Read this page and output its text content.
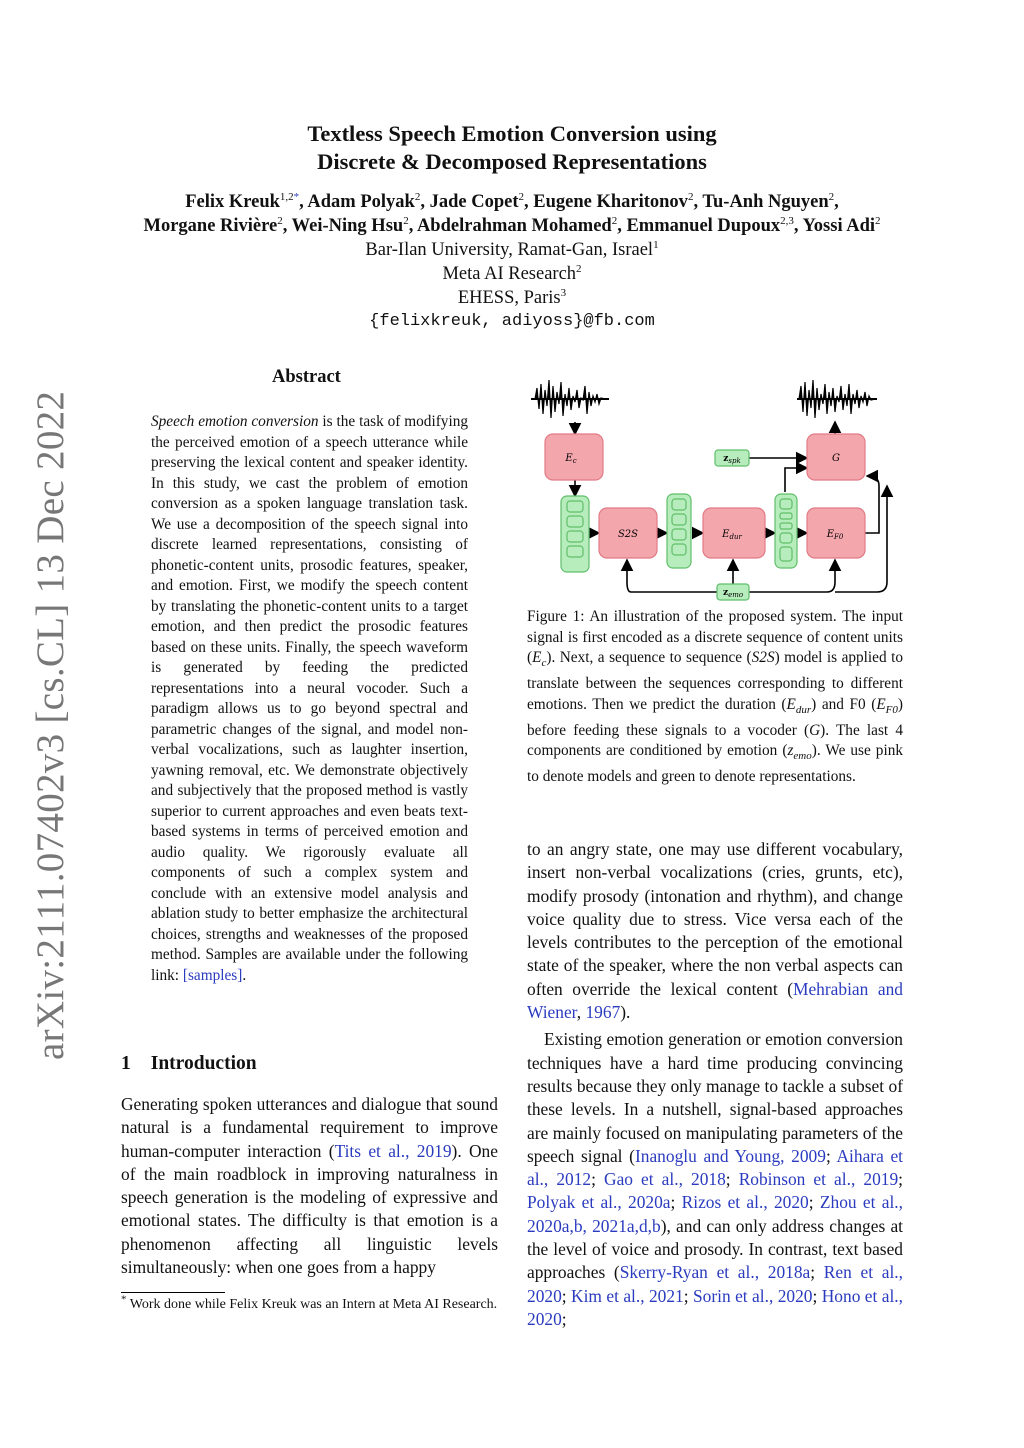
arXiv:2111.07402v3 [cs.CL] 13 Dec 2022
Textless Speech Emotion Conversion using
Discrete & Decomposed Representations
Felix Kreuk$^{1,2*}$, Adam Polyak$^2$, Jade Copet$^2$, Eugene Kharitonov$^2$, Tu-Anh Nguyen$^2$,
Morgane Rivière$^2$, Wei-Ning Hsu$^2$, Abdelrahman Mohamed$^2$, Emmanuel Dupoux$^{2,3}$, Yossi Adi$^2$
Bar-Ilan University, Ramat-Gan, Israel$^1$
Meta AI Research$^2$
EHESS, Paris$^3$
{felixkreuk, adiyoss}@fb.com
Abstract
Speech emotion conversion is the task of modifying the perceived emotion of a speech utterance while preserving the lexical content and speaker identity. In this study, we cast the problem of emotion conversion as a spoken language translation task. We use a decomposition of the speech signal into discrete learned representations, consisting of phonetic-content units, prosodic features, speaker, and emotion. First, we modify the speech content by translating the phonetic-content units to a target emotion, and then predict the prosodic features based on these units. Finally, the speech waveform is generated by feeding the predicted representations into a neural vocoder. Such a paradigm allows us to go beyond spectral and parametric changes of the signal, and model non-verbal vocalizations, such as laughter insertion, yawning removal, etc. We demonstrate objectively and subjectively that the proposed method is vastly superior to current approaches and even beats text-based systems in terms of perceived emotion and audio quality. We rigorously evaluate all components of such a complex system and conclude with an extensive model analysis and ablation study to better emphasize the architectural choices, strengths and weaknesses of the proposed method. Samples are available under the following link: [samples].
1 Introduction
Generating spoken utterances and dialogue that sound natural is a fundamental requirement to improve human-computer interaction (Tits et al., 2019). One of the main roadblock in improving naturalness in speech generation is the modeling of expressive and emotional states. The difficulty is that emotion is a phenomenon affecting all linguistic levels simultaneously: when one goes from a happy
* Work done while Felix Kreuk was an Intern at Meta AI Research.
$E_c$
S2S	$E_{dur}$	$E_{F0}$
G
$z_{spk}$
$z_{emo}$
Figure 1: An illustration of the proposed system. The input signal is first encoded as a discrete sequence of content units $(E_c)$. Next, a sequence to sequence (S2S) model is applied to translate between the sequences corresponding to different emotions. Then we predict the duration $(E_{dur})$ and F0 $(E_{F0})$ before feeding these signals to a vocoder (G). The last 4 components are conditioned by emotion $(z_{emo})$. We use pink to denote models and green to denote representations.

to an angry state, one may use different vocabulary, insert non-verbal vocalizations (cries, grunts, etc), modify prosody (intonation and rhythm), and change voice quality due to stress. Vice versa each of the levels contributes to the perception of the emotional state of the speaker, where the non verbal aspects can often override the lexical content (Mehrabian and Wiener, 1967).

Existing emotion generation or emotion conversion techniques have a hard time producing convincing results because they only manage to tackle a subset of these levels. In a nutshell, signal-based approaches are mainly focused on manipulating parameters of the speech signal (Inanoglu and Young, 2009; Aihara et al., 2012; Gao et al., 2018; Robinson et al., 2019; Polyak et al., 2020a; Rizos et al., 2020; Zhou et al., 2020a,b, 2021a,d,b), and can only address changes at the level of voice and prosody. In contrast, text based approaches (Skerry-Ryan et al., 2018a; Ren et al., 2020; Kim et al., 2021; Sorin et al., 2020; Hono et al., 2020;
